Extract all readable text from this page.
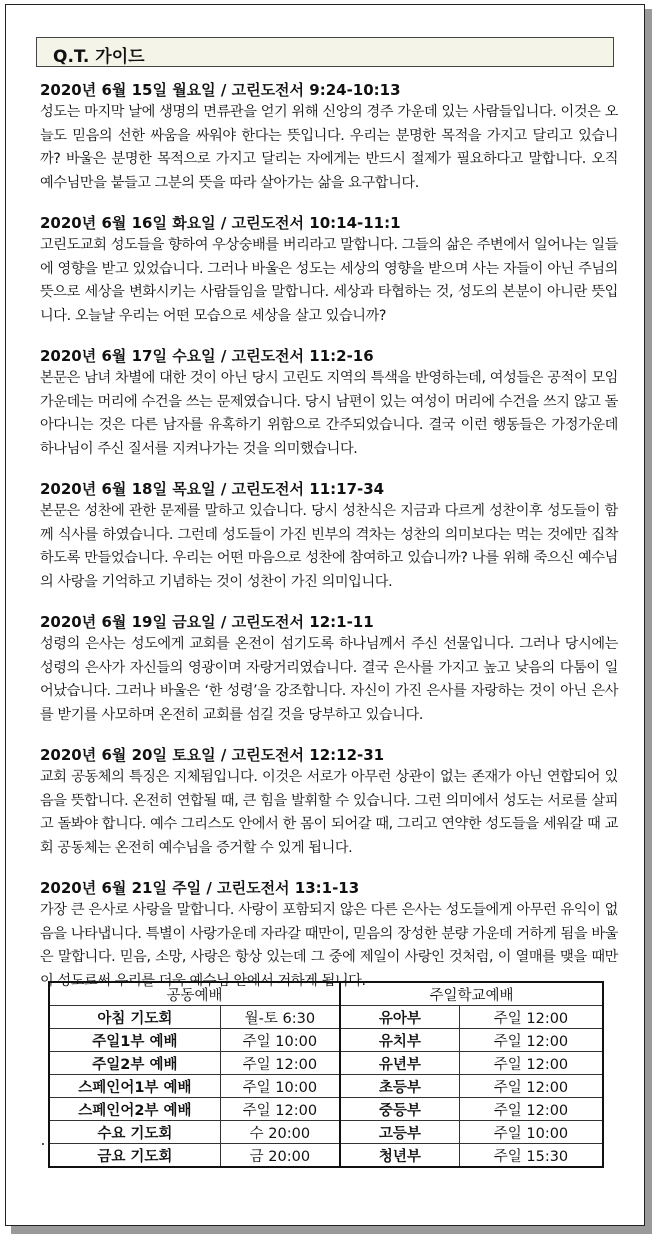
Q.T. 가이드
2020년 6월 15일 월요일 / 고린도전서 9:24-10:13
성도는 마지막 날에 생명의 면류관을 얻기 위해 신앙의 경주 가운데 있는 사람들입니다. 이것은 오늘도 믿음의 선한 싸움을 싸워야 한다는 뜻입니다. 우리는 분명한 목적을 가지고 달리고 있습니까? 바울은 분명한 목적으로 가지고 달리는 자에게는 반드시 절제가 필요하다고 말합니다. 오직 예수님만을 붙들고 그분의 뜻을 따라 살아가는 삶을 요구합니다.
2020년 6월 16일 화요일 / 고린도전서 10:14-11:1
고린도교회 성도들을 향하여 우상숭배를 버리라고 말합니다. 그들의 삶은 주변에서 일어나는 일들에 영향을 받고 있었습니다. 그러나 바울은 성도는 세상의 영향을 받으며 사는 자들이 아닌 주님의 뜻으로 세상을 변화시키는 사람들임을 말합니다. 세상과 타협하는 것, 성도의 본분이 아니란 뜻입니다. 오늘날 우리는 어떤 모습으로 세상을 살고 있습니까?
2020년 6월 17일 수요일 / 고린도전서 11:2-16
본문은 남녀 차별에 대한 것이 아닌 당시 고린도 지역의 특색을 반영하는데, 여성들은 공적이 모임 가운데는 머리에 수건을 쓰는 문제였습니다. 당시 남편이 있는 여성이 머리에 수건을 쓰지 않고 돌아다니는 것은 다른 남자를 유혹하기 위함으로 간주되었습니다. 결국 이런 행동들은 가정가운데 하나님이 주신 질서를 지켜나가는 것을 의미했습니다.
2020년 6월 18일 목요일 / 고린도전서 11:17-34
본문은 성찬에 관한 문제를 말하고 있습니다. 당시 성찬식은 지금과 다르게 성찬이후 성도들이 함께 식사를 하였습니다. 그런데 성도들이 가진 빈부의 격차는 성찬의 의미보다는 먹는 것에만 집착하도록 만들었습니다. 우리는 어떤 마음으로 성찬에 참여하고 있습니까? 나를 위해 죽으신 예수님의 사랑을 기억하고 기념하는 것이 성찬이 가진 의미입니다.
2020년 6월 19일 금요일 / 고린도전서 12:1-11
성령의 은사는 성도에게 교회를 온전이 섬기도록 하나님께서 주신 선물입니다. 그러나 당시에는 성령의 은사가 자신들의 영광이며 자랑거리였습니다. 결국 은사를 가지고 높고 낮음의 다툼이 일어났습니다. 그러나 바울은 ‘한 성령’을 강조합니다. 자신이 가진 은사를 자랑하는 것이 아닌 은사를 받기를 사모하며 온전히 교회를 섬길 것을 당부하고 있습니다.
2020년 6월 20일 토요일 / 고린도전서 12:12-31
교회 공동체의 특징은 지체됨입니다. 이것은 서로가 아무런 상관이 없는 존재가 아닌 연합되어 있음을 뜻합니다. 온전히 연합될 때, 큰 힘을 발휘할 수 있습니다. 그런 의미에서 성도는 서로를 살피고 돌봐야 합니다. 예수 그리스도 안에서 한 몸이 되어갈 때, 그리고 연약한 성도들을 세워갈 때 교회 공동체는 온전히 예수님을 증거할 수 있게 됩니다.
2020년 6월 21일 주일 / 고린도전서 13:1-13
가장 큰 은사로 사랑을 말합니다. 사랑이 포함되지 않은 다른 은사는 성도들에게 아무런 유익이 없음을 나타냅니다. 특별이 사랑가운데 자라갈 때만이, 믿음의 장성한 분량 가운데 거하게 됨을 바울은 말합니다. 믿음, 소망, 사랑은 항상 있는데 그 중에 제일이 사랑인 것처럼, 이 열매를 맺을 때만이 성도로써 우리를 더욱 예수님 안에서 거하게 됩니다.
공동예배		주일학교예배	
아침 기도회	월-토 6:30	유아부	주일 12:00
주일1부 예배	주일 10:00	유치부	주일 12:00
주일2부 예배	주일 12:00	유년부	주일 12:00
스페인어1부 예배	주일 10:00	초등부	주일 12:00
스페인어2부 예배	주일 12:00	중등부	주일 12:00
수요 기도회	수 20:00	고등부	주일 10:00
금요 기도회	금 20:00	청년부	주일 15:30
